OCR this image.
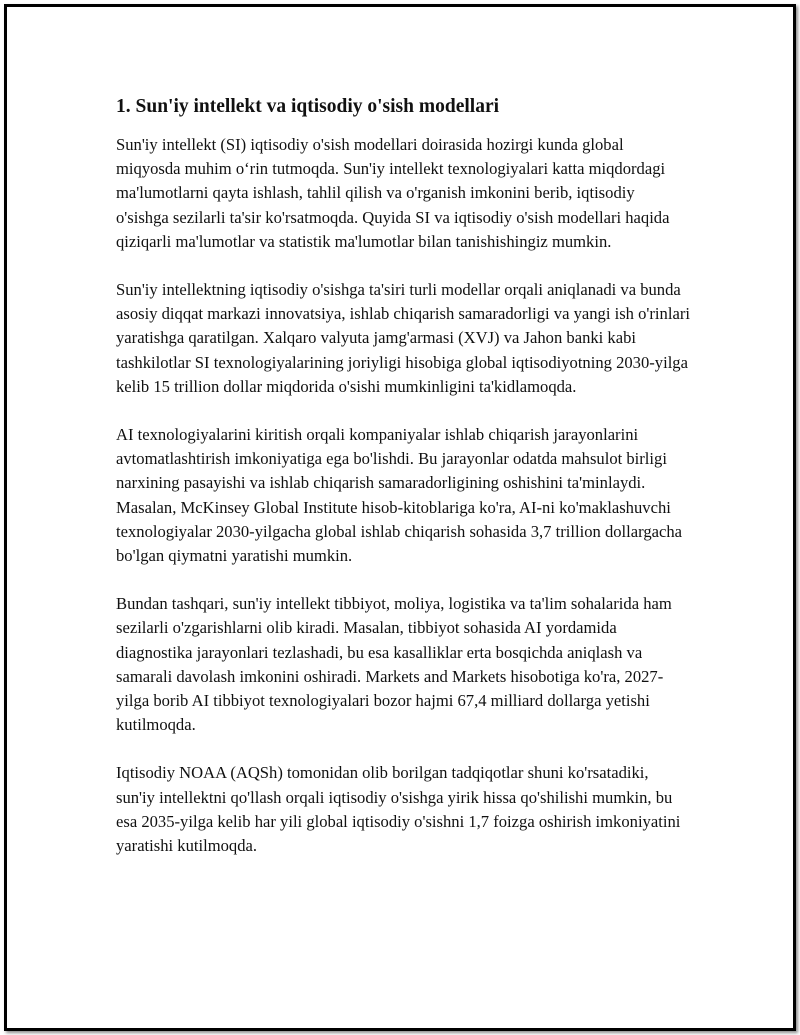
1. Sun'iy intellekt va iqtisodiy o'sish modellari

Sun'iy intellekt (SI) iqtisodiy o'sish modellari doirasida hozirgi kunda global miqyosda muhim o‘rin tutmoqda. Sun'iy intellekt texnologiyalari katta miqdordagi ma'lumotlarni qayta ishlash, tahlil qilish va o'rganish imkonini berib, iqtisodiy o'sishga sezilarli ta'sir ko'rsatmoqda. Quyida SI va iqtisodiy o'sish modellari haqida qiziqarli ma'lumotlar va statistik ma'lumotlar bilan tanishishingiz mumkin.

Sun'iy intellektning iqtisodiy o'sishga ta'siri turli modellar orqali aniqlanadi va bunda asosiy diqqat markazi innovatsiya, ishlab chiqarish samaradorligi va yangi ish o'rinlari yaratishga qaratilgan. Xalqaro valyuta jamg'armasi (XVJ) va Jahon banki kabi tashkilotlar SI texnologiyalarining joriyligi hisobiga global iqtisodiyotning 2030-yilga kelib 15 trillion dollar miqdorida o'sishi mumkinligini ta'kidlamoqda.

AI texnologiyalarini kiritish orqali kompaniyalar ishlab chiqarish jarayonlarini avtomatlashtirish imkoniyatiga ega bo'lishdi. Bu jarayonlar odatda mahsulot birligi narxining pasayishi va ishlab chiqarish samaradorligining oshishini ta'minlaydi. Masalan, McKinsey Global Institute hisob-kitoblariga ko'ra, AI-ni ko'maklashuvchi texnologiyalar 2030-yilgacha global ishlab chiqarish sohasida 3,7 trillion dollargacha bo'lgan qiymatni yaratishi mumkin.

Bundan tashqari, sun'iy intellekt tibbiyot, moliya, logistika va ta'lim sohalarida ham sezilarli o'zgarishlarni olib kiradi. Masalan, tibbiyot sohasida AI yordamida diagnostika jarayonlari tezlashadi, bu esa kasalliklar erta bosqichda aniqlash va samarali davolash imkonini oshiradi. Markets and Markets hisobotiga ko'ra, 2027-yilga borib AI tibbiyot texnologiyalari bozor hajmi 67,4 milliard dollarga yetishi kutilmoqda.

Iqtisodiy NOAA (AQSh) tomonidan olib borilgan tadqiqotlar shuni ko'rsatadiki, sun'iy intellektni qo'llash orqali iqtisodiy o'sishga yirik hissa qo'shilishi mumkin, bu esa 2035-yilga kelib har yili global iqtisodiy o'sishni 1,7 foizga oshirish imkoniyatini yaratishi kutilmoqda.
